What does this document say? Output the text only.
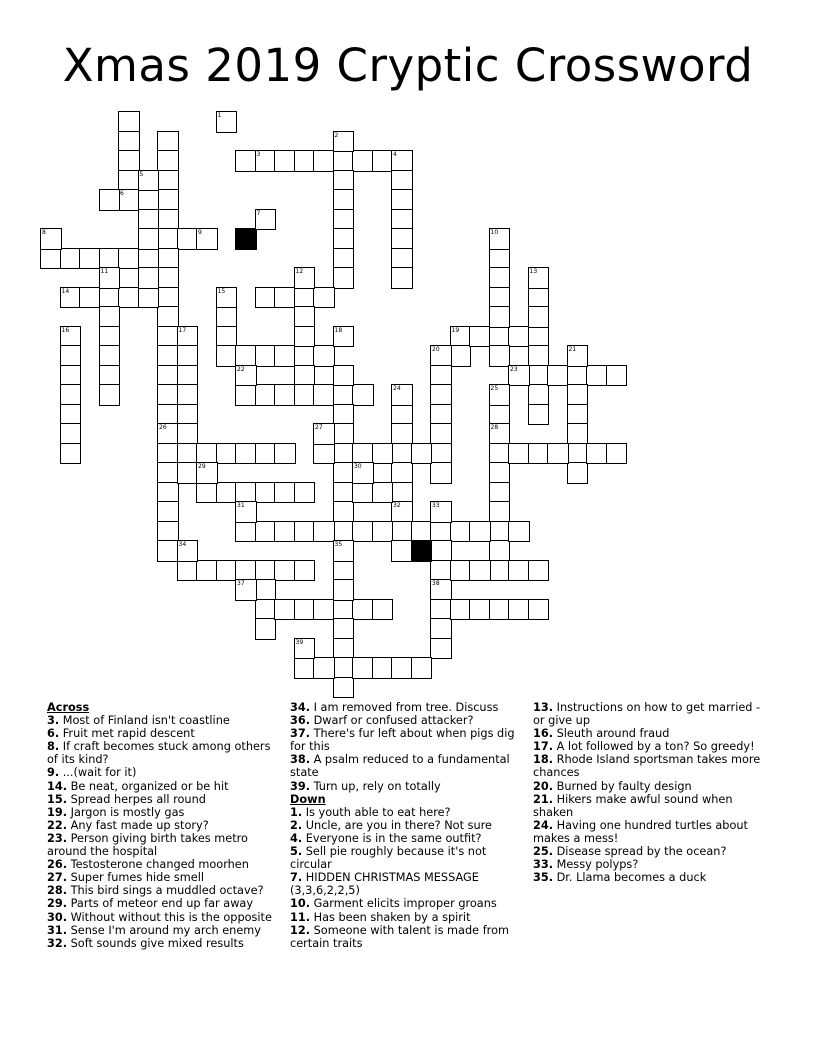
Xmas 2019 Cryptic Crossword
6
26
3
2
4
14
5
12
11
16	17	19
20
23
32
28
38
36
1
7
8	9	10
13
15
18
21
22
24	25
27
29	30
31	33
34	35
37
39
Across
3. Most of Finland isn't coastline
6. Fruit met rapid descent
8. If craft becomes stuck among others of its kind?
9. ...(wait for it)
14. Be neat, organized or be hit
15. Spread herpes all round
19. Jargon is mostly gas
22. Any fast made up story?
23. Person giving birth takes metro around the hospital
26. Testosterone changed moorhen
27. Super fumes hide smell
28. This bird sings a muddled octave?
29. Parts of meteor end up far away
30. Without without this is the opposite
31. Sense I'm around my arch enemy
32. Soft sounds give mixed results
34. I am removed from tree. Discuss
36. Dwarf or confused attacker?
37. There's fur left about when pigs dig for this
38. A psalm reduced to a fundamental state
39. Turn up, rely on totally
Down
1. Is youth able to eat here?
2. Uncle, are you in there? Not sure
4. Everyone is in the same outfit?
5. Sell pie roughly because it's not circular
7. HIDDEN CHRISTMAS MESSAGE (3,3,6,2,2,5)
10. Garment elicits improper groans
11. Has been shaken by a spirit
12. Someone with talent is made from certain traits
13. Instructions on how to get married - or give up
16. Sleuth around fraud
17. A lot followed by a ton? So greedy!
18. Rhode Island sportsman takes more chances
20. Burned by faulty design
21. Hikers make awful sound when shaken
24. Having one hundred turtles about makes a mess!
25. Disease spread by the ocean?
33. Messy polyps?
35. Dr. Llama becomes a duck
